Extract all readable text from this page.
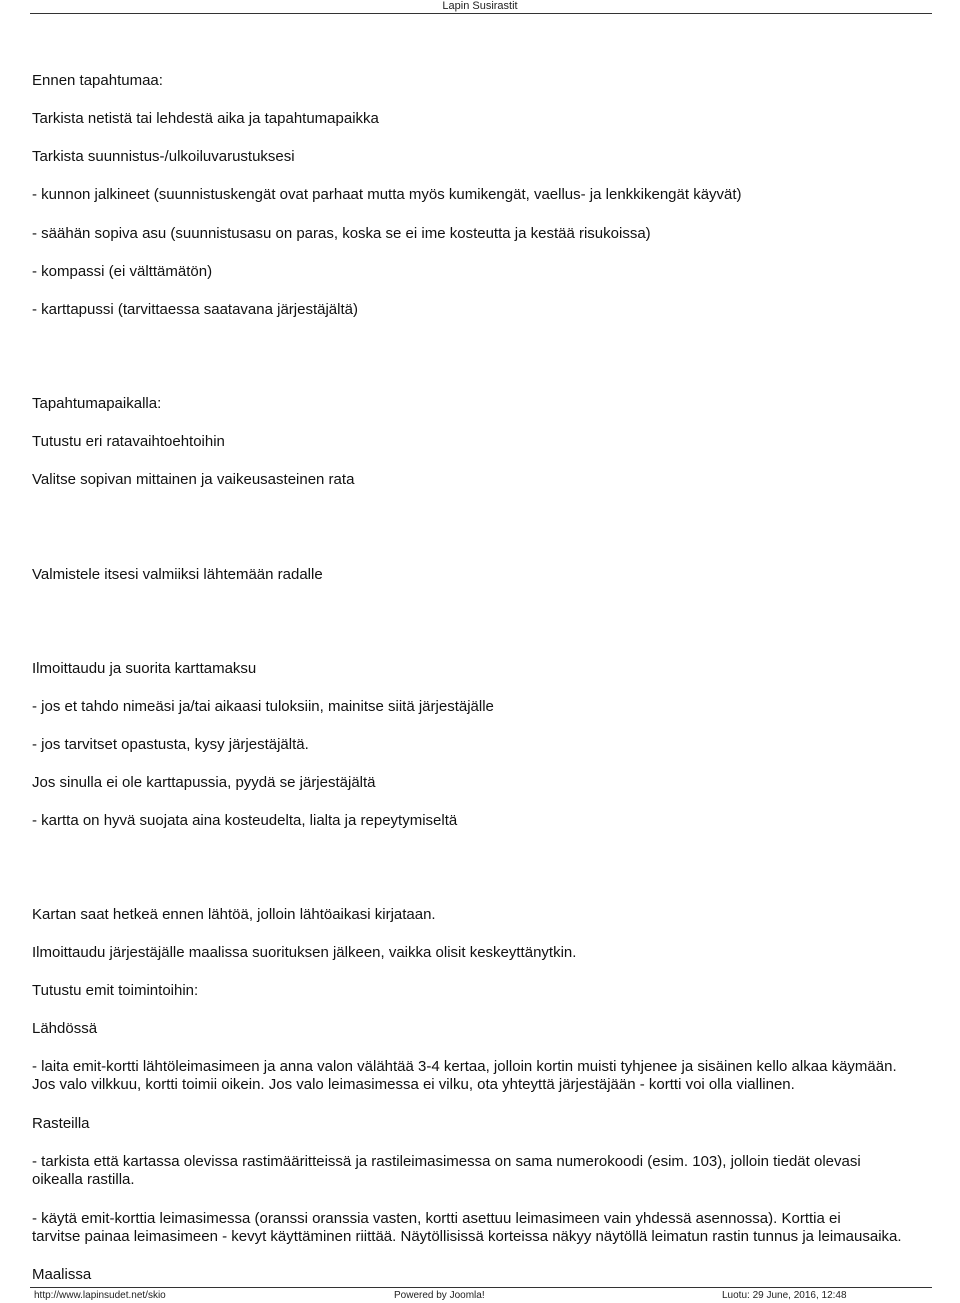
Lapin Susirastit
Ennen tapahtumaa:
Tarkista netistä tai lehdestä aika ja tapahtumapaikka
Tarkista suunnistus-/ulkoiluvarustuksesi
- kunnon jalkineet (suunnistuskengät ovat parhaat mutta myös kumikengät, vaellus- ja lenkkikengät käyvät)
- säähän sopiva asu (suunnistusasu on paras, koska se ei ime kosteutta ja kestää risukoissa)
- kompassi (ei välttämätön)
- karttapussi (tarvittaessa saatavana järjestäjältä)
Tapahtumapaikalla:
Tutustu eri ratavaihtoehtoihin
Valitse sopivan mittainen ja vaikeusasteinen rata
Valmistele itsesi valmiiksi lähtemään radalle
Ilmoittaudu ja suorita karttamaksu
- jos et tahdo nimeäsi ja/tai aikaasi tuloksiin, mainitse siitä järjestäjälle
- jos tarvitset opastusta, kysy järjestäjältä.
Jos sinulla ei ole karttapussia, pyydä se järjestäjältä
- kartta on hyvä suojata aina kosteudelta, lialta ja repeytymiseltä
Kartan saat hetkeä ennen lähtöä, jolloin lähtöaikasi kirjataan.
Ilmoittaudu järjestäjälle maalissa suorituksen jälkeen, vaikka olisit keskeyttänytkin.
Tutustu emit toimintoihin:
Lähdössä
- laita emit-kortti lähtöleimasimeen ja anna valon välähtää 3-4 kertaa, jolloin kortin muisti tyhjenee ja sisäinen kello alkaa käymään.
Jos valo vilkkuu, kortti toimii oikein. Jos valo leimasimessa ei vilku, ota yhteyttä järjestäjään - kortti voi olla viallinen.
Rasteilla
- tarkista että kartassa olevissa rastimääritteissä ja rastileimasimessa on sama numerokoodi (esim. 103), jolloin tiedät olevasi
oikealla rastilla.
- käytä emit-korttia leimasimessa (oranssi oranssia vasten, kortti asettuu leimasimeen vain yhdessä asennossa). Korttia ei
tarvitse painaa leimasimeen - kevyt käyttäminen riittää. Näytöllisissä korteissa näkyy näytöllä leimatun rastin tunnus ja leimausaika.
Maalissa
http://www.lapinsudet.net/skio	Powered by Joomla!	Luotu: 29 June, 2016, 12:48
